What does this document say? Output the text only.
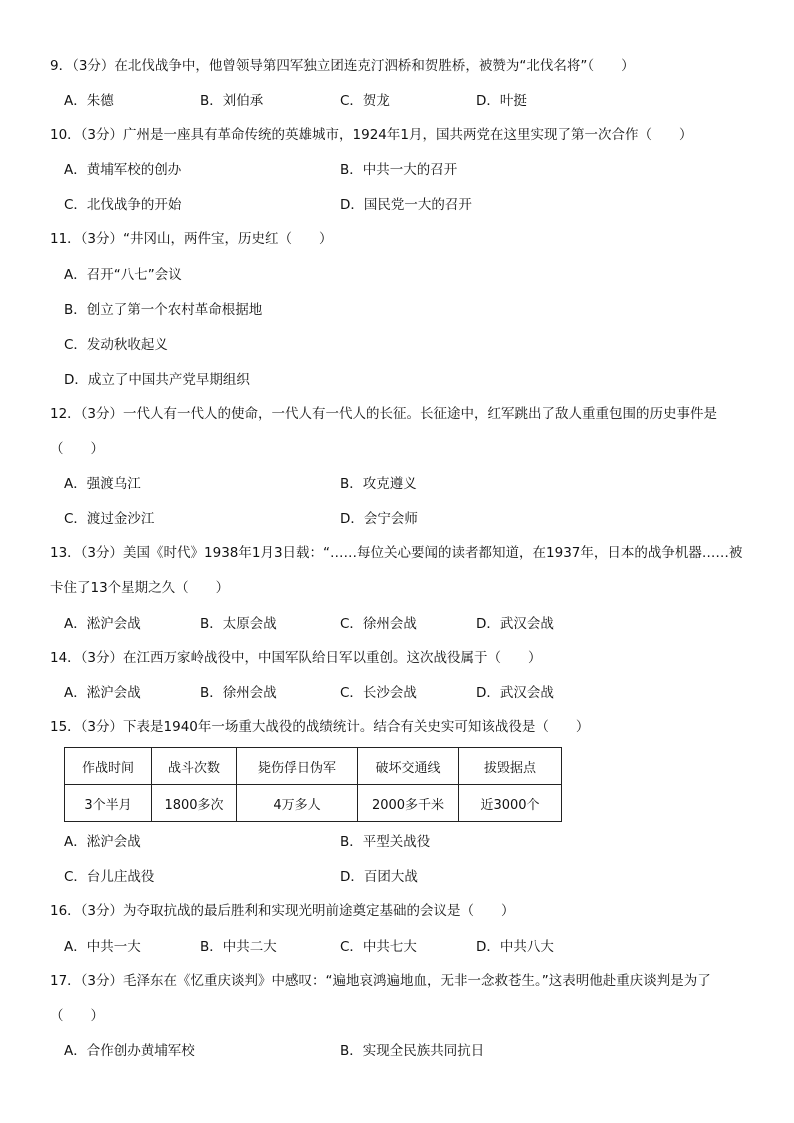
9．（3分）在北伐战争中，他曾领导第四军独立团连克汀泗桥和贺胜桥，被赞为“北伐名将”（　　）
A．朱德	B．刘伯承	C．贺龙	D．叶挺
10．（3分）广州是一座具有革命传统的英雄城市，1924年1月，国共两党在这里实现了第一次合作（　　）
A．黄埔军校的创办	B．中共一大的召开
C．北伐战争的开始	D．国民党一大的召开
11．（3分）“井冈山，两件宝，历史红（　　）
A．召开“八七”会议
B．创立了第一个农村革命根据地
C．发动秋收起义
D．成立了中国共产党早期组织
12．（3分）一代人有一代人的使命，一代人有一代人的长征。长征途中，红军跳出了敌人重重包围的历史事件是（　　）
A．强渡乌江	B．攻克遵义
C．渡过金沙江	D．会宁会师
13．（3分）美国《时代》1938年1月3日载：“……每位关心要闻的读者都知道，在1937年，日本的战争机器……被卡住了13个星期之久（　　）
A．淞沪会战	B．太原会战	C．徐州会战	D．武汉会战
14．（3分）在江西万家岭战役中，中国军队给日军以重创。这次战役属于（　　）
A．淞沪会战	B．徐州会战	C．长沙会战	D．武汉会战
15．（3分）下表是1940年一场重大战役的战绩统计。结合有关史实可知该战役是（　　）
作战时间	战斗次数	毙伤俘日伪军	破坏交通线	拔毁据点
3个半月	1800多次	4万多人	2000多千米	近3000个
A．淞沪会战	B．平型关战役
C．台儿庄战役	D．百团大战
16．（3分）为夺取抗战的最后胜利和实现光明前途奠定基础的会议是（　　）
A．中共一大	B．中共二大	C．中共七大	D．中共八大
17．（3分）毛泽东在《忆重庆谈判》中感叹：“遍地哀鸿遍地血，无非一念救苍生。”这表明他赴重庆谈判是为了（　　）
A．合作创办黄埔军校	B．实现全民族共同抗日
